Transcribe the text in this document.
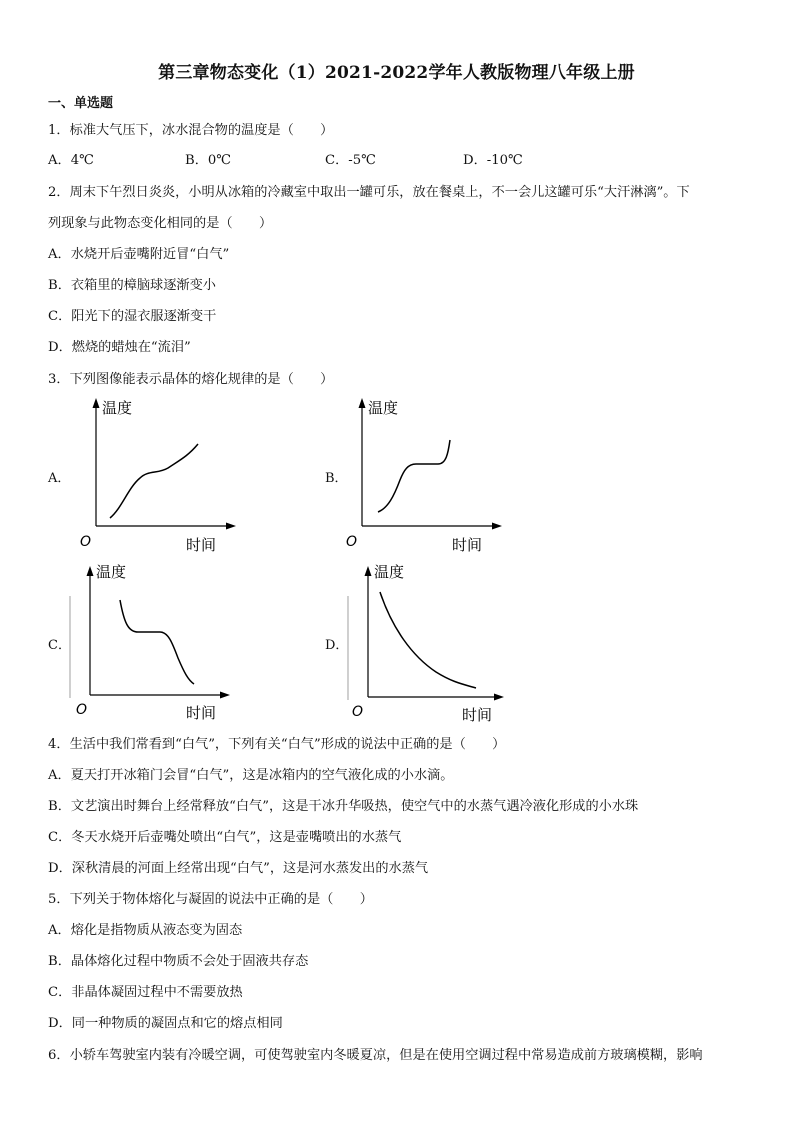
第三章物态变化（1）2021-2022学年人教版物理八年级上册
一、单选题
1．标准大气压下，冰水混合物的温度是（　　）
A．4℃	B．0℃	C．-5℃	D．-10℃
2．周末下午烈日炎炎，小明从冰箱的冷藏室中取出一罐可乐，放在餐桌上，不一会儿这罐可乐“大汗淋漓”。下
列现象与此物态变化相同的是（　　）
A．水烧开后壶嘴附近冒“白气”
B．衣箱里的樟脑球逐渐变小
C．阳光下的湿衣服逐渐变干
D．燃烧的蜡烛在“流泪”
3．下列图像能表示晶体的熔化规律的是（　　）
A．	B．
C．	D．
温度
时间
O
温度
时间
O
温度
时间
O
温度
时间
O
4．生活中我们常看到“白气”，下列有关“白气”形成的说法中正确的是（　　）
A．夏天打开冰箱门会冒“白气”，这是冰箱内的空气液化成的小水滴。
B．文艺演出时舞台上经常释放“白气”，这是干冰升华吸热，使空气中的水蒸气遇冷液化形成的小水珠
C．冬天水烧开后壶嘴处喷出“白气”，这是壶嘴喷出的水蒸气
D．深秋清晨的河面上经常出现“白气”，这是河水蒸发出的水蒸气
5．下列关于物体熔化与凝固的说法中正确的是（　　）
A．熔化是指物质从液态变为固态
B．晶体熔化过程中物质不会处于固液共存态
C．非晶体凝固过程中不需要放热
D．同一种物质的凝固点和它的熔点相同
6．小轿车驾驶室内装有冷暖空调，可使驾驶室内冬暖夏凉，但是在使用空调过程中常易造成前方玻璃模糊，影响
